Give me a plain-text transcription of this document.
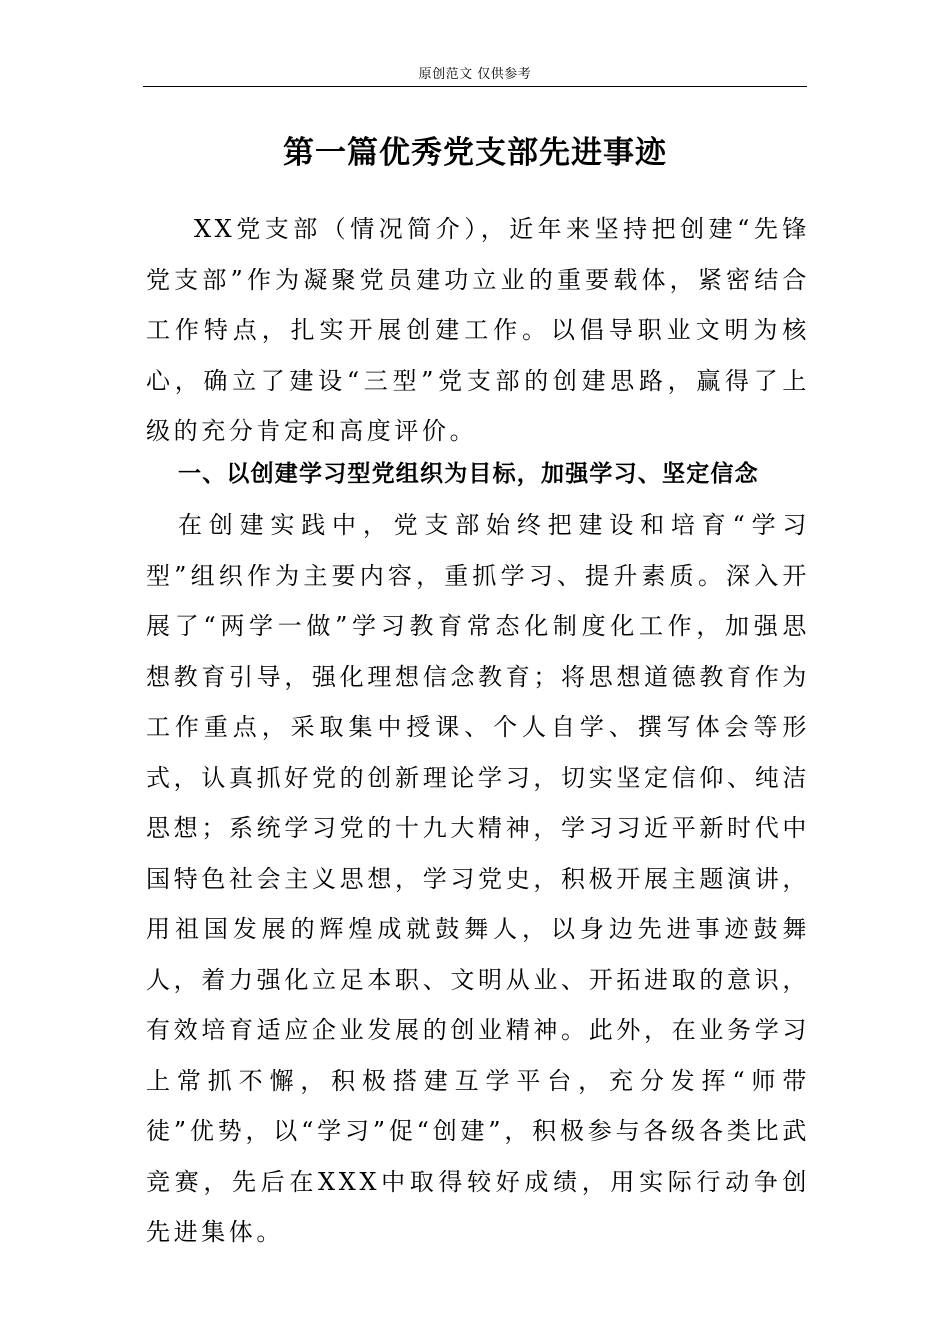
原创范文 仅供参考
第一篇优秀党支部先进事迹

XX党支部（情况简介），近年来坚持把创建“先锋党支部”作为凝聚党员建功立业的重要载体，紧密结合工作特点，扎实开展创建工作。以倡导职业文明为核心，确立了建设“三型”党支部的创建思路，赢得了上级的充分肯定和高度评价。

一、以创建学习型党组织为目标，加强学习、坚定信念

在创建实践中，党支部始终把建设和培育“学习型”组织作为主要内容，重抓学习、提升素质。深入开展了“两学一做”学习教育常态化制度化工作，加强思想教育引导，强化理想信念教育；将思想道德教育作为工作重点，采取集中授课、个人自学、撰写体会等形式，认真抓好党的创新理论学习，切实坚定信仰、纯洁思想；系统学习党的十九大精神，学习习近平新时代中国特色社会主义思想，学习党史，积极开展主题演讲，用祖国发展的辉煌成就鼓舞人，以身边先进事迹鼓舞人，着力强化立足本职、文明从业、开拓进取的意识，有效培育适应企业发展的创业精神。此外，在业务学习上常抓不懈，积极搭建互学平台，充分发挥“师带徒”优势，以“学习”促“创建”，积极参与各级各类比武竞赛，先后在XXX中取得较好成绩，用实际行动争创先进集体。
